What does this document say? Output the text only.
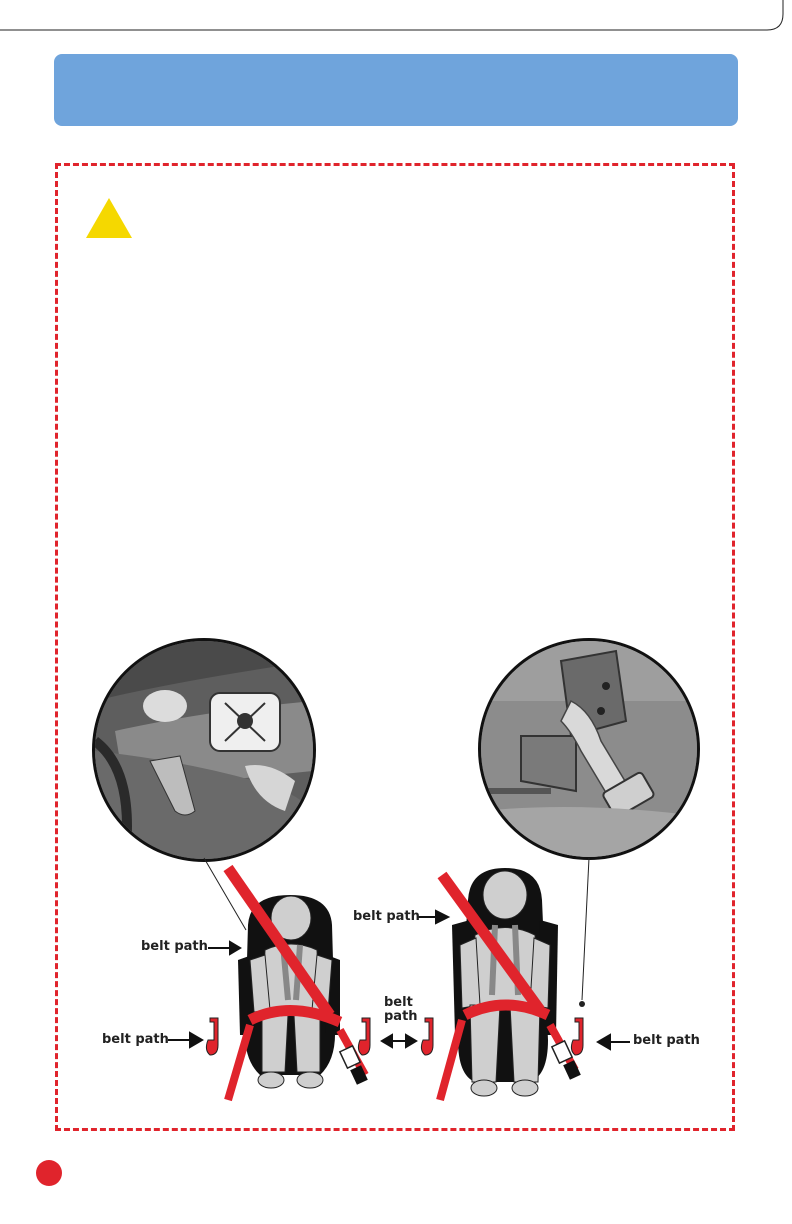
belt path
belt path
belt
path
belt path
belt path
